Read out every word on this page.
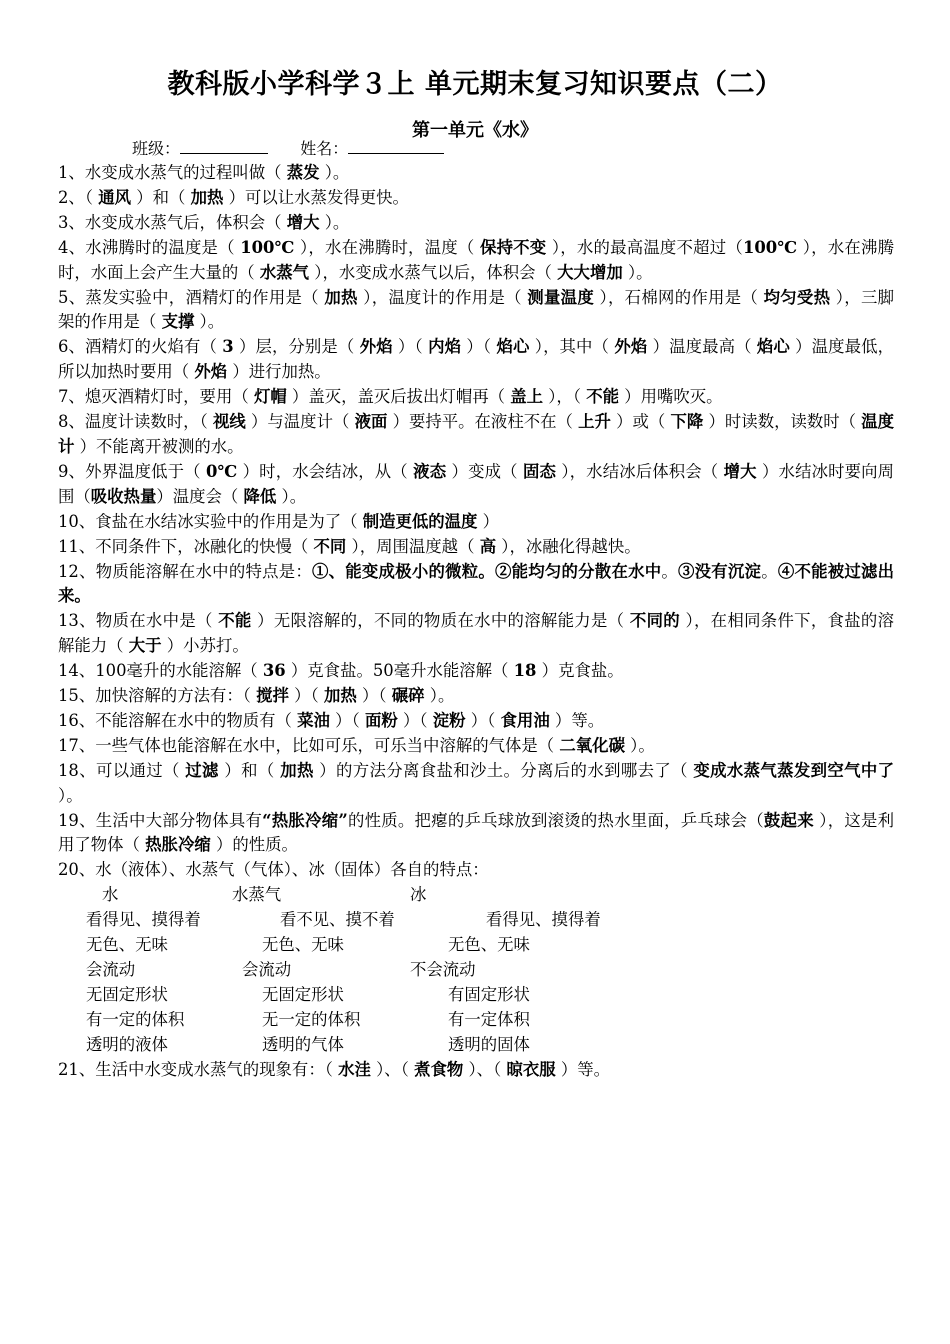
教科版小学科学３上 单元期末复习知识要点（二）
第一单元《水》
班级：	姓名：

1、水变成水蒸气的过程叫做（ 蒸发 ）。

2、（ 通风 ）和（ 加热 ）可以让水蒸发得更快。

3、水变成水蒸气后，体积会（ 增大 ）。

4、水沸腾时的温度是（ 100℃ ），水在沸腾时，温度（ 保持不变 ），水的最高温度不超过（100℃ ），水在沸腾时，水面上会产生大量的（ 水蒸气 ），水变成水蒸气以后，体积会（ 大大增加 ）。

5、蒸发实验中，酒精灯的作用是（ 加热 ），温度计的作用是（ 测量温度 ），石棉网的作用是（ 均匀受热 ），三脚架的作用是（ 支撑 ）。

6、酒精灯的火焰有（ 3 ）层，分别是（ 外焰 ）（ 内焰 ）（ 焰心 ），其中（ 外焰 ）温度最高（ 焰心 ）温度最低，所以加热时要用（ 外焰 ）进行加热。

7、熄灭酒精灯时，要用（ 灯帽 ）盖灭，盖灭后拔出灯帽再（ 盖上 ），（ 不能 ）用嘴吹灭。

8、温度计读数时，（ 视线 ）与温度计（ 液面 ）要持平。在液柱不在（ 上升 ）或（ 下降 ）时读数，读数时（ 温度计 ）不能离开被测的水。

9、外界温度低于（ 0℃ ）时，水会结冰，从（ 液态 ）变成（ 固态 ），水结冰后体积会（ 增大 ）水结冰时要向周围（吸收热量）温度会（ 降低 ）。

10、食盐在水结冰实验中的作用是为了（ 制造更低的温度 ）

11、不同条件下，冰融化的快慢（ 不同 ），周围温度越（ 高 ），冰融化得越快。

12、物质能溶解在水中的特点是：①、能变成极小的微粒。②能均匀的分散在水中。③没有沉淀。④不能被过滤出来。

13、物质在水中是（ 不能 ）无限溶解的，不同的物质在水中的溶解能力是（ 不同的 ），在相同条件下，食盐的溶解能力（ 大于 ）小苏打。

14、100毫升的水能溶解（ 36 ）克食盐。50毫升水能溶解（ 18 ）克食盐。

15、加快溶解的方法有：（ 搅拌 ）（ 加热 ）（ 碾碎 ）。

16、不能溶解在水中的物质有（ 菜油 ）（ 面粉 ）（ 淀粉 ）（ 食用油 ）等。

17、一些气体也能溶解在水中，比如可乐，可乐当中溶解的气体是（ 二氧化碳 ）。

18、可以通过（ 过滤 ）和（ 加热 ）的方法分离食盐和沙土。分离后的水到哪去了（ 变成水蒸气蒸发到空气中了 ）。

19、生活中大部分物体具有“热胀冷缩”的性质。把瘪的乒乓球放到滚烫的热水里面，乒乓球会（鼓起来 ），这是利用了物体（ 热胀冷缩 ）的性质。

20、水（液体）、水蒸气（气体）、冰（固体）各自的特点：

水	水蒸气	冰
看得见、摸得着	看不见、摸不着	看得见、摸得着
无色、无味	无色、无味	无色、无味
会流动	会流动	不会流动
无固定形状	无固定形状	有固定形状
有一定的体积	无一定的体积	有一定体积
透明的液体	透明的气体	透明的固体

21、生活中水变成水蒸气的现象有：（ 水洼 ）、（ 煮食物 ）、（ 晾衣服 ）等。
